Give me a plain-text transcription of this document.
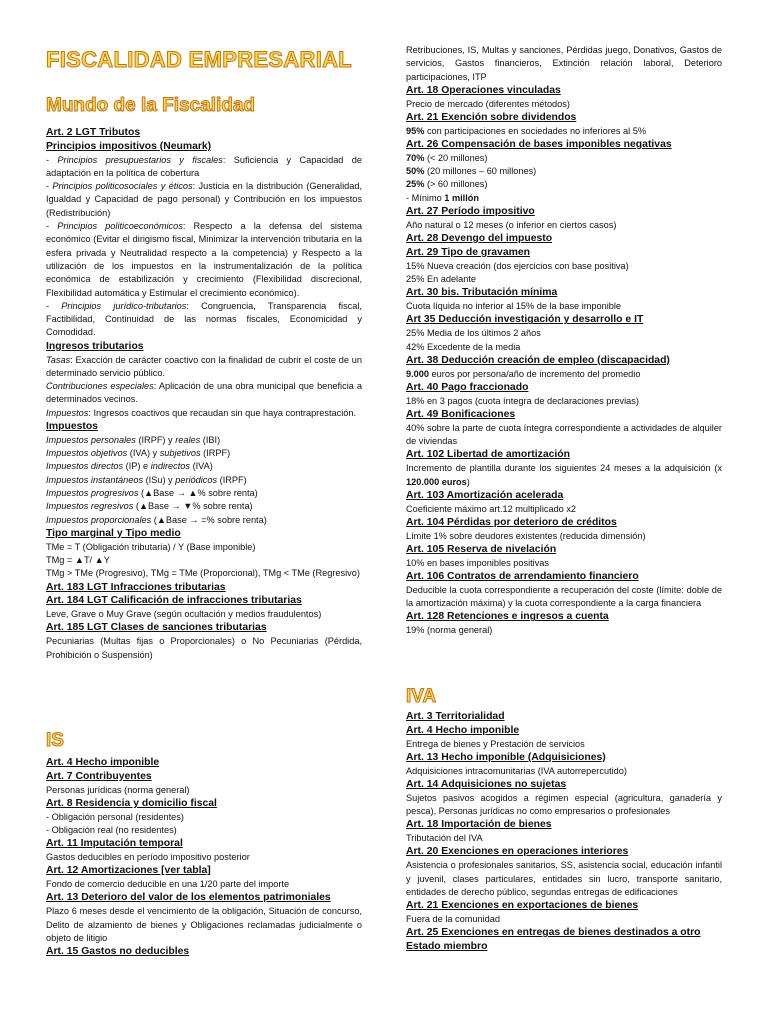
FISCALIDAD EMPRESARIAL
Mundo de la Fiscalidad
Art. 2 LGT Tributos
Principios impositivos (Neumark)
- Principios presupuestarios y fiscales: Suficiencia y Capacidad de adaptación en la política de cobertura
- Principios politicosociales y éticos: Justicia en la distribución (Generalidad, Igualdad y Capacidad de pago personal) y Contribución en los impuestos (Redistribución)
- Principios politicoeconómicos: Respecto a la defensa del sistema económico (Evitar el dirigismo fiscal, Minimizar la intervención tributaria en la esfera privada y Neutralidad respecto a la competencia) y Respecto a la utilización de los impuestos en la instrumentalización de la política económica de estabilización y crecimiento (Flexibilidad discrecional, Flexibilidad automática y Estimular el crecimiento económico).
- Principios jurídico-tributarios: Congruencia, Transparencia fiscal, Factibilidad, Continuidad de las normas fiscales, Economicidad y Comodidad.
Ingresos tributarios
Tasas: Exacción de carácter coactivo con la finalidad de cubrir el coste de un determinado servicio público.
Contribuciones especiales: Aplicación de una obra municipal que beneficia a determinados vecinos.
Impuestos: Ingresos coactivos que recaudan sin que haya contraprestación.
Impuestos
Impuestos personales (IRPF) y reales (IBI)
Impuestos objetivos (IVA) y subjetivos (IRPF)
Impuestos directos (IP) e indirectos (IVA)
Impuestos instantáneos (ISu) y periódicos (IRPF)
Impuestos progresivos (▲Base → ▲% sobre renta)
Impuestos regresivos (▲Base → ▼% sobre renta)
Impuestos proporcionales (▲Base → =% sobre renta)
Tipo marginal y Tipo medio
TMe = T (Obligación tributaria) / Y (Base imponible)
TMg = ▲T/ ▲Y
TMg > TMe (Progresivo), TMg = TMe (Proporcional), TMg < TMe (Regresivo)
Art. 183 LGT Infracciones tributarias
Art. 184 LGT Calificación de infracciones tributarias
Leve, Grave o Muy Grave (según ocultación y medios fraudulentos)
Art. 185 LGT Clases de sanciones tributarias
Pecuniarias (Multas fijas o Proporcionales) o No Pecuniarias (Pérdida, Prohibición o Suspensión)
IS
Art. 4 Hecho imponible
Art. 7 Contribuyentes
Personas jurídicas (norma general)
Art. 8 Residencia y domicilio fiscal
- Obligación personal (residentes)
- Obligación real (no residentes)
Art. 11 Imputación temporal
Gastos deducibles en período impositivo posterior
Art. 12 Amortizaciones [ver tabla]
Fondo de comercio deducible en una 1/20 parte del importe
Art. 13 Deterioro del valor de los elementos patrimoniales
Plazo 6 meses desde el vencimiento de la obligación, Situación de concurso, Delito de alzamiento de bienes y Obligaciones reclamadas judicialmente o objeto de litigio
Art. 15 Gastos no deducibles
Retribuciones, IS, Multas y sanciones, Pérdidas juego, Donativos, Gastos de servicios, Gastos financieros, Extinción relación laboral, Deterioro participaciones, ITP
Art. 18 Operaciones vinculadas
Precio de mercado (diferentes métodos)
Art. 21 Exención sobre dividendos
95% con participaciones en sociedades no inferiores al 5%
Art. 26 Compensación de bases imponibles negativas
70% (< 20 millones)
50% (20 millones – 60 millones)
25% (> 60 millones)
- Mínimo 1 millón
Art. 27 Período impositivo
Año natural o 12 meses (o inferior en ciertos casos)
Art. 28 Devengo del impuesto
Art. 29 Tipo de gravamen
15% Nueva creación (dos ejercicios con base positiva)
25% En adelante
Art. 30 bis. Tributación mínima
Cuota líquida no inferior al 15% de la base imponible
Art 35 Deducción investigación y desarrollo e IT
25% Media de los últimos 2 años
42% Excedente de la media
Art. 38 Deducción creación de empleo (discapacidad)
9.000 euros por persona/año de incremento del promedio
Art. 40 Pago fraccionado
18% en 3 pagos (cuota íntegra de declaraciones previas)
Art. 49 Bonificaciones
40% sobre la parte de cuota íntegra correspondiente a actividades de alquiler de viviendas
Art. 102 Libertad de amortización
Incremento de plantilla durante los siguientes 24 meses a la adquisición (x 120.000 euros)
Art. 103 Amortización acelerada
Coeficiente máximo art.12 multiplicado x2
Art. 104 Pérdidas por deterioro de créditos
Límite 1% sobre deudores existentes (reducida dimensión)
Art. 105 Reserva de nivelación
10% en bases imponibles positivas
Art. 106 Contratos de arrendamiento financiero
Deducible la cuota correspondiente a recuperación del coste (límite: doble de la amortización máxima) y la cuota correspondiente a la carga financiera
Art. 128 Retenciones e ingresos a cuenta
19% (norma general)
IVA
Art. 3 Territorialidad
Art. 4 Hecho imponible
Entrega de bienes y Prestación de servicios
Art. 13 Hecho imponible (Adquisiciones)
Adquisiciones intracomunitarias (IVA autorrepercutido)
Art. 14 Adquisiciones no sujetas
Sujetos pasivos acogidos a régimen especial (agricultura, ganadería y pesca), Personas jurídicas no como empresarios o profesionales
Art. 18 Importación de bienes
Tributación del IVA
Art. 20 Exenciones en operaciones interiores
Asistencia o profesionales sanitarios, SS, asistencia social, educación infantil y juvenil, clases particulares, entidades sin lucro, transporte sanitario, entidades de derecho público, segundas entregas de edificaciones
Art. 21 Exenciones en exportaciones de bienes
Fuera de la comunidad
Art. 25 Exenciones en entregas de bienes destinados a otro Estado miembro
